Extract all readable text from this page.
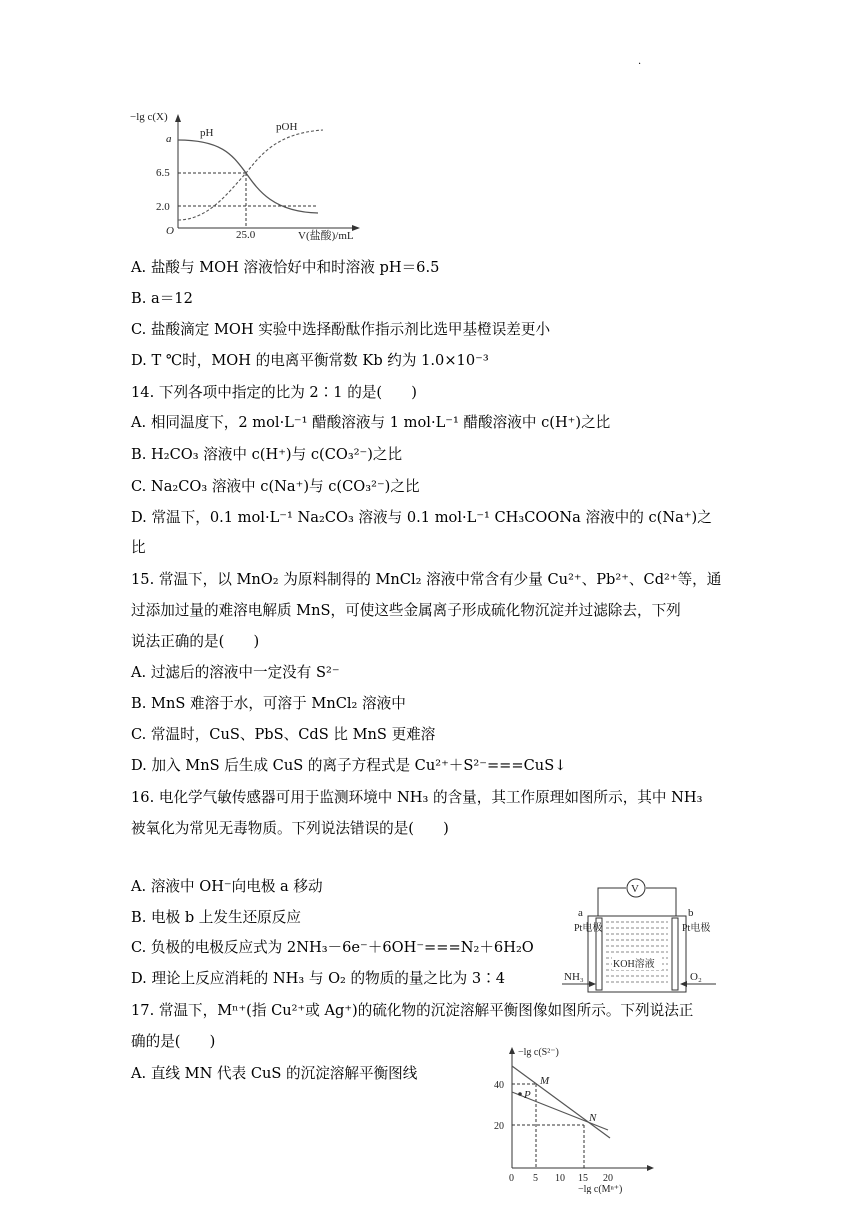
.
−lg c(X)
O
a
6.5
2.0
25.0	V(盐酸)/mL
pH	pOH
A. 盐酸与 MOH 溶液恰好中和时溶液 pH＝6.5
B. a＝12
C. 盐酸滴定 MOH 实验中选择酚酞作指示剂比选甲基橙误差更小
D. T ℃时，MOH 的电离平衡常数 Kb 约为 1.0×10⁻³
14. 下列各项中指定的比为 2∶1 的是(　　)
A. 相同温度下，2 mol·L⁻¹ 醋酸溶液与 1 mol·L⁻¹ 醋酸溶液中 c(H⁺)之比
B. H₂CO₃ 溶液中 c(H⁺)与 c(CO₃²⁻)之比
C. Na₂CO₃ 溶液中 c(Na⁺)与 c(CO₃²⁻)之比
D. 常温下，0.1 mol·L⁻¹ Na₂CO₃ 溶液与 0.1 mol·L⁻¹ CH₃COONa 溶液中的 c(Na⁺)之
比
15. 常温下，以 MnO₂ 为原料制得的 MnCl₂ 溶液中常含有少量 Cu²⁺、Pb²⁺、Cd²⁺等，通
过添加过量的难溶电解质 MnS，可使这些金属离子形成硫化物沉淀并过滤除去，下列
说法正确的是(　　)
A. 过滤后的溶液中一定没有 S²⁻
B. MnS 难溶于水，可溶于 MnCl₂ 溶液中
C. 常温时，CuS、PbS、CdS 比 MnS 更难溶
D. 加入 MnS 后生成 CuS 的离子方程式是 Cu²⁺＋S²⁻===CuS↓
16. 电化学气敏传感器可用于监测环境中 NH₃ 的含量，其工作原理如图所示，其中 NH₃
被氧化为常见无毒物质。下列说法错误的是(　　)
A. 溶液中 OH⁻向电极 a 移动
B. 电极 b 上发生还原反应
C. 负极的电极反应式为 2NH₃－6e⁻＋6OH⁻===N₂＋6H₂O
D. 理论上反应消耗的 NH₃ 与 O₂ 的物质的量之比为 3∶4
V
KOH溶液
a	b
Pt电极	Pt电极
NH₃	O₂
17. 常温下，Mⁿ⁺(指 Cu²⁺或 Ag⁺)的硫化物的沉淀溶解平衡图像如图所示。下列说法正
确的是(　　)
A. 直线 MN 代表 CuS 的沉淀溶解平衡图线
−lg c(S²⁻)
40
20
0 5 10 15 20
−lg c(Mⁿ⁺)
M
P
N
